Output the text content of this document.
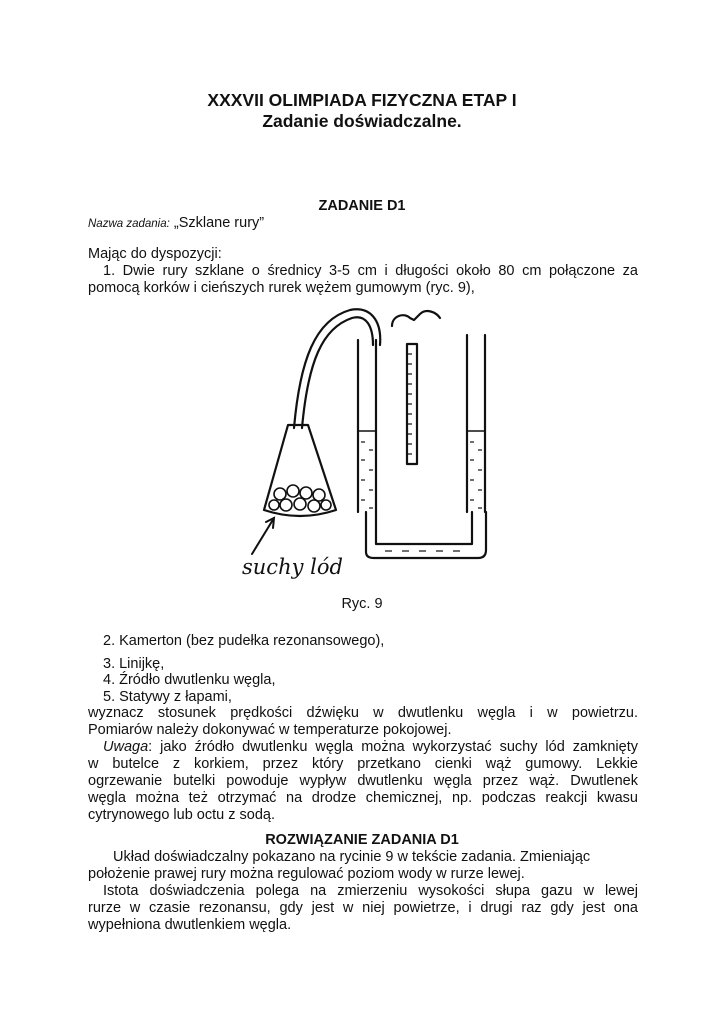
XXXVII OLIMPIADA FIZYCZNA ETAP I
Zadanie doświadczalne.
ZADANIE D1
Nazwa zadania: „Szklane rury”
Mając do dyspozycji:
1. Dwie rury szklane o średnicy 3-5 cm i długości około 80 cm połączone za
pomocą korków i cieńszych rurek wężem gumowym (ryc. 9),
suchy lód
Ryc. 9
2. Kamerton (bez pudełka rezonansowego),
3. Linijkę,
4. Źródło dwutlenku węgla,
5. Statywy z łapami,
wyznacz stosunek prędkości dźwięku w dwutlenku węgla i w powietrzu.
Pomiarów należy dokonywać w temperaturze pokojowej.
Uwaga: jako źródło dwutlenku węgla można wykorzystać suchy lód zamknięty
w butelce z korkiem, przez który przetkano cienki wąż gumowy. Lekkie
ogrzewanie butelki powoduje wypływ dwutlenku węgla przez wąż. Dwutlenek
węgla można też otrzymać na drodze chemicznej, np. podczas reakcji kwasu
cytrynowego lub octu z sodą.
ROZWIĄZANIE ZADANIA D1
Układ doświadczalny pokazano na rycinie 9 w tekście zadania. Zmieniając
położenie prawej rury można regulować poziom wody w rurze lewej.
Istota doświadczenia polega na zmierzeniu wysokości słupa gazu w lewej
rurze w czasie rezonansu, gdy jest w niej powietrze, i drugi raz gdy jest ona
wypełniona dwutlenkiem węgla.
